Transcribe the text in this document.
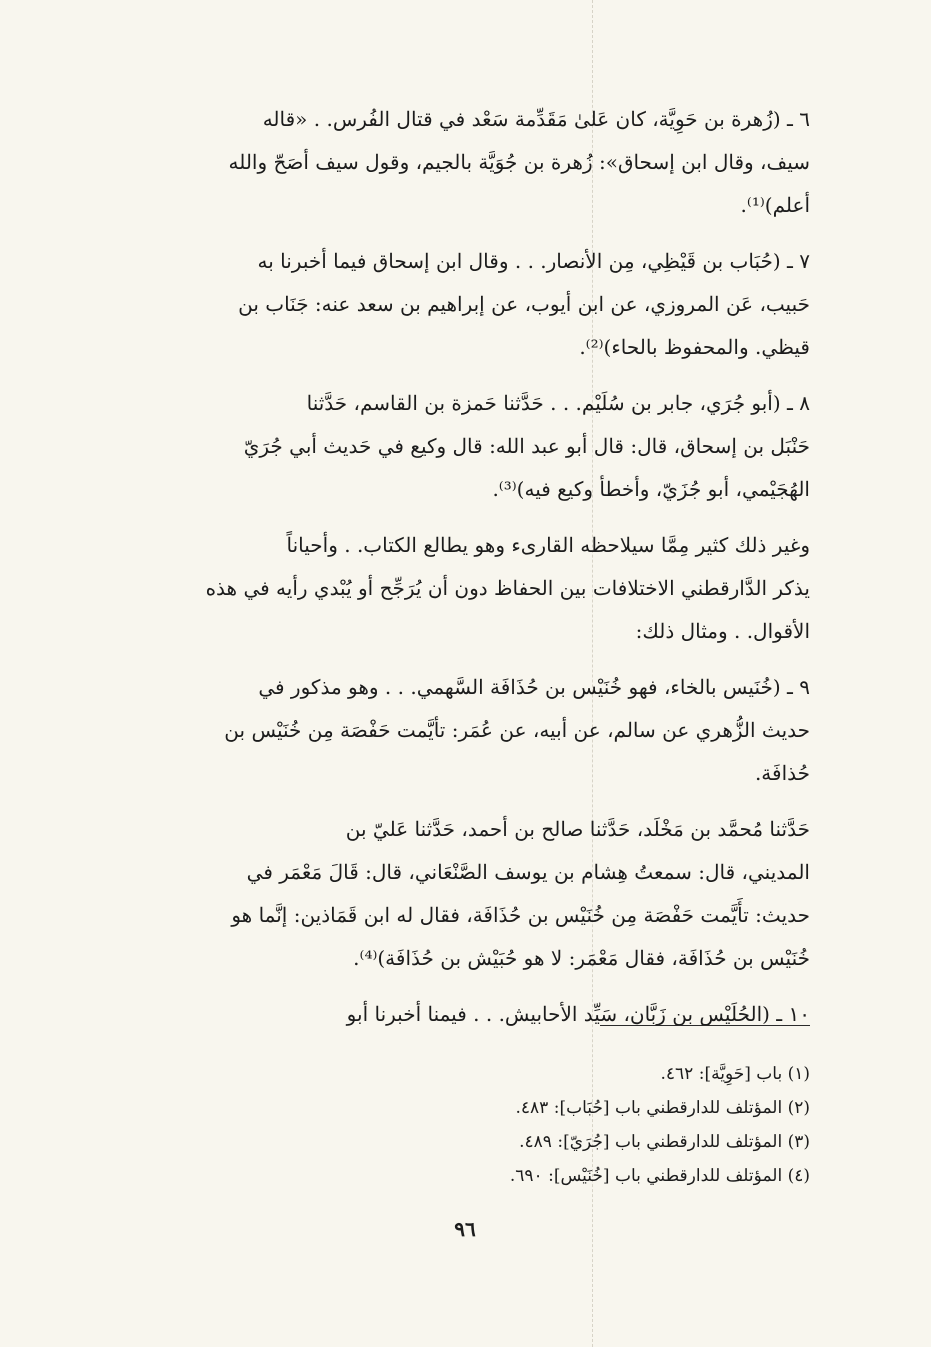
٦ ـ (زُهرة بن حَوِيَّة، كان عَلىٰ مَقَدِّمة سَعْد في قتال الفُرس. . «قاله

سيف، وقال ابن إسحاق»: زُهرة بن جُوَيَّة بالجيم، وقول سيف أصَحّ والله

أعلم)⁽¹⁾.

٧ ـ (حُبَاب بن قَيْظِي، مِن الأنصار. . . وقال ابن إسحاق فيما أخبرنا به

حَبيب، عَن المروزي، عن ابن أيوب، عن إبراهيم بن سعد عنه: جَنَاب بن

قيظي. والمحفوظ بالحاء)⁽²⁾.

٨ ـ (أبو جُرَي، جابر بن سُلَيْم. . . حَدَّثنا حَمزة بن القاسم، حَدَّثنا

حَنْبَل بن إسحاق، قال: قال أبو عبد الله: قال وكيع في حَديث أبي جُرَيّ

الهُجَيْمي، أبو جُزَيّ، وأخطأ وكيع فيه)⁽³⁾.

وغير ذلك كثير مِمَّا سيلاحظه القارىء وهو يطالع الكتاب. . وأحياناً

يذكر الدَّارقطني الاختلافات بين الحفاظ دون أن يُرَجِّح أو يُبْدي رأيه في هذه

الأقوال. . ومثال ذلك:

٩ ـ (خُنَيس بالخاء، فهو خُنَيْس بن حُذَافَة السَّهمي. . . وهو مذكور في

حديث الزُّهري عن سالم، عن أبيه، عن عُمَر: تأيَّمت حَفْصَة مِن خُنَيْس بن

حُذافَة.

حَدَّثنا مُحمَّد بن مَخْلَد، حَدَّثنا صالح بن أحمد، حَدَّثنا عَليّ بن

المديني، قال: سمعتُ هِشام بن يوسف الصَّنْعَاني، قال: قَالَ مَعْمَر في

حديث: تأَيَّمت حَفْصَة مِن خُنَيْس بن حُذَافَة، فقال له ابن قَمَاذين: إنَّما هو

خُنَيْس بن حُذَافَة، فقال مَعْمَر: لا هو حُبَيْش بن حُذَافَة)⁽⁴⁾.

١٠ ـ (الحُلَيْس بن زَبَّان، سَيِّد الأحابيش. . . فيمنا أخبرنا أبو

(١) باب [حَوِيَّة]: ٤٦٢.

(٢) المؤتلف للدارقطني باب [حُبَاب]: ٤٨٣.

(٣) المؤتلف للدارقطني باب [جُرَيّ]: ٤٨٩.

(٤) المؤتلف للدارقطني باب [خُنَيْس]: ٦٩٠.

٩٦
